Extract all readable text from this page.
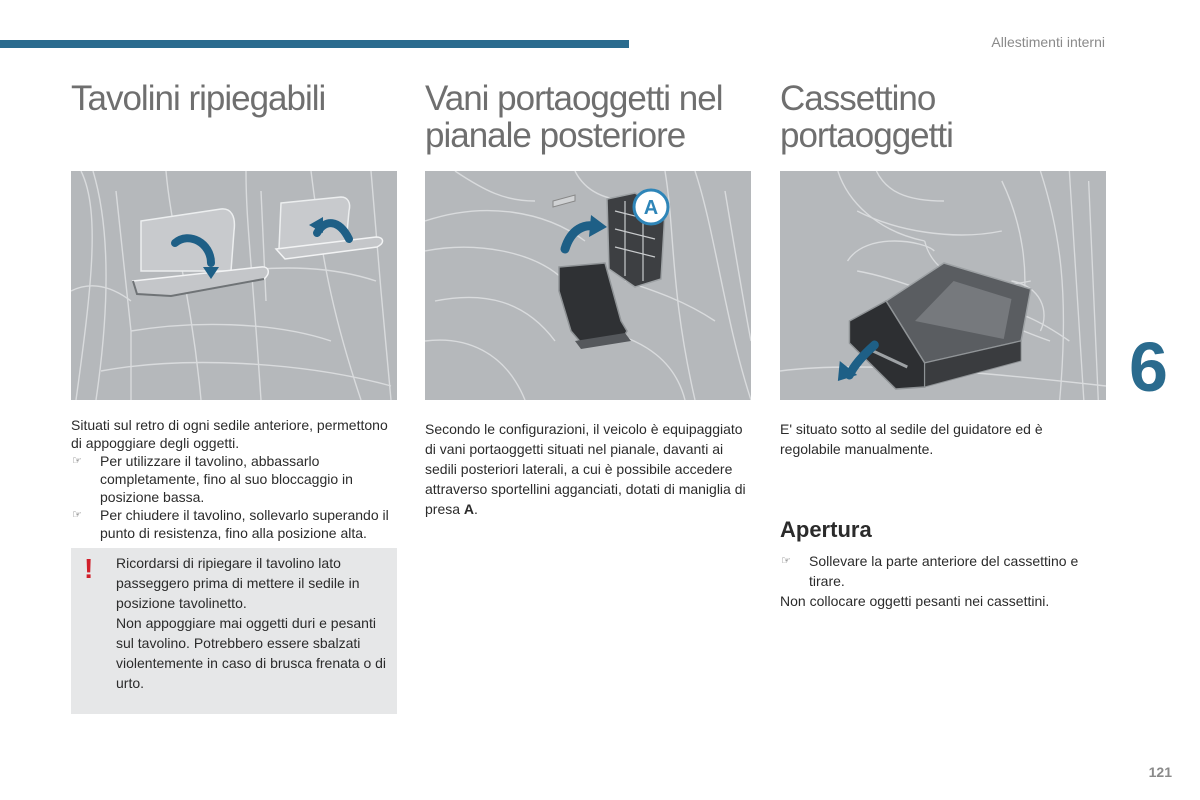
Allestimenti interni
Tavolini ripiegabili

Situati sul retro di ogni sedile anteriore, permettono di appoggiare degli oggetti.

☞ Per utilizzare il tavolino, abbassarlo completamente, fino al suo bloccaggio in posizione bassa.
☞ Per chiudere il tavolino, sollevarlo superando il punto di resistenza, fino alla posizione alta.
! Ricordarsi di ripiegare il tavolino lato passeggero prima di mettere il sedile in posizione tavolinetto.
Non appoggiare mai oggetti duri e pesanti sul tavolino. Potrebbero essere sbalzati violentemente in caso di brusca frenata o di urto.
Vani portaoggetti nel pianale posteriore
A

Secondo le configurazioni, il veicolo è equipaggiato di vani portaoggetti situati nel pianale, davanti ai sedili posteriori laterali, a cui è possibile accedere attraverso sportellini agganciati, dotati di maniglia di presa A.

Cassettino portaoggetti

E' situato sotto al sedile del guidatore ed è regolabile manualmente.

Apertura
☞ Sollevare la parte anteriore del cassettino e tirare.

Non collocare oggetti pesanti nei cassettini.

6
121
